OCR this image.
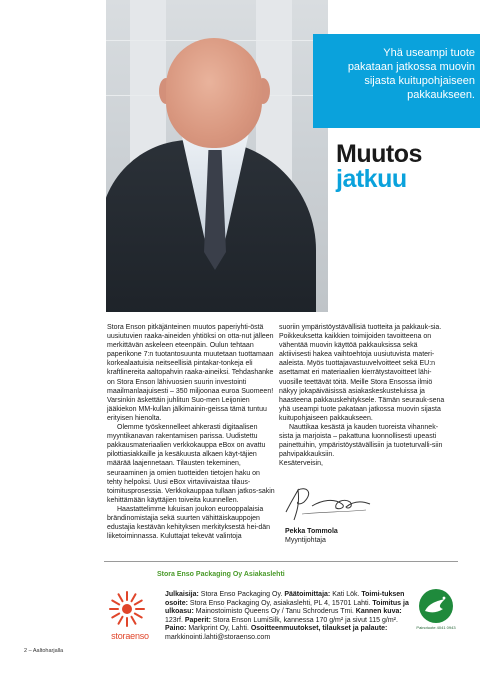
Yhä useampi tuote pakataan jatkossa muovin sijasta kuitupohjaiseen pakkaukseen.
Muutos
jatkuu

Stora Enson pitkäjänteinen muutos paperiyhti-östä uusiutuvien raaka-aineiden yhtiöksi on otta-nut jälleen merkittävän askeleen eteenpäin. Oulun tehtaan paperikone 7:n tuotantosuunta muutetaan tuottamaan korkealaatuisia neitseellisiä pintakar-tonkeja eli kraftlinereita aaltopahvin raaka-aineiksi. Tehdashanke on Stora Enson lähivuosien suurin investointi maailmanlaajuisesti – 350 miljoonaa euroa Suomeen! Varsinkin äskettäin juhlitun Suo-men Leijonien jääkiekon MM-kullan jälkimainin-geissa tämä tuntuu erityisen hienolta.

Olemme työskennelleet ahkerasti digitaalisen myyntikanavan rakentamisen parissa. Uudistettu pakkausmateriaalien verkkokauppa eBox on avattu pilottiasiakkaille ja kesäkuusta alkaen käyt-täjien määrää laajennetaan. Tilausten tekeminen, seuraaminen ja omien tuotteiden tietojen haku on tehty helpoksi. Uusi eBox virtaviivaistaa tilaus-toimitusprosessia. Verkkokauppaa tullaan jatkos-sakin kehittämään käyttäjien toiveita kuunnellen.

Haastattelimme lukuisan joukon eurooppalaisia brändinomistajia sekä suurten vähittäiskauppojen edustajia kestävän kehityksen merkityksestä hei-dän liiketoiminnassa. Kuluttajat tekevät valintoja

suoriin ympäristöystävällisiä tuotteita ja pakkauk-sia. Poikkeuksetta kaikkien toimijoiden tavoitteena on vähentää muovin käyttöä pakkauksissa sekä aktiivisesti hakea vaihtoehtoja uusiutuvista materi-aaleista. Myös tuottajavastuuvelvoitteet sekä EU:n asettamat eri materiaalien kierrätystavoitteet lähi-vuosille teettävät töitä. Meille Stora Ensossa ilmiö näkyy jokapäiväisissä asiakaskeskusteluissa ja haasteena pakkauskehityksele. Tämän seurauk-sena yhä useampi tuote pakataan jatkossa muovin sijasta kuitupohjaiseen pakkaukseen.

Nauttikaa kesästä ja kauden tuoreista vihannek-sista ja marjoista – pakattuna luonnollisesti upeasti painettuihin, ympäristöystävällisiin ja tuoteturvalli-siin pahvipakkauksiin.

Kesäterveisin,

Pekka Tommola
Myyntijohtaja
Stora Enso Packaging Oy Asiakaslehti
storaenso
Julkaisija: Stora Enso Packaging Oy. Päätoimittaja: Kati Lök. Toimi-tuksen osoite: Stora Enso Packaging Oy, asiakaslehti, PL 4, 15701 Lahti. Toimitus ja ulkoasu: Mainostoimisto Queens Oy / Tanu Schroderus Tmi. Kannen kuva: 123rf. Paperit: Stora Enson LumiSilk, kannessa 170 g/m² ja sivut 115 g/m². Paino: Markprint Oy, Lahti. Osoitteenmuutokset, tilaukset ja palaute: markkinointi.lahti@storaenso.com
Painotuote 4041 0943
2 – Aaltoharjalla
